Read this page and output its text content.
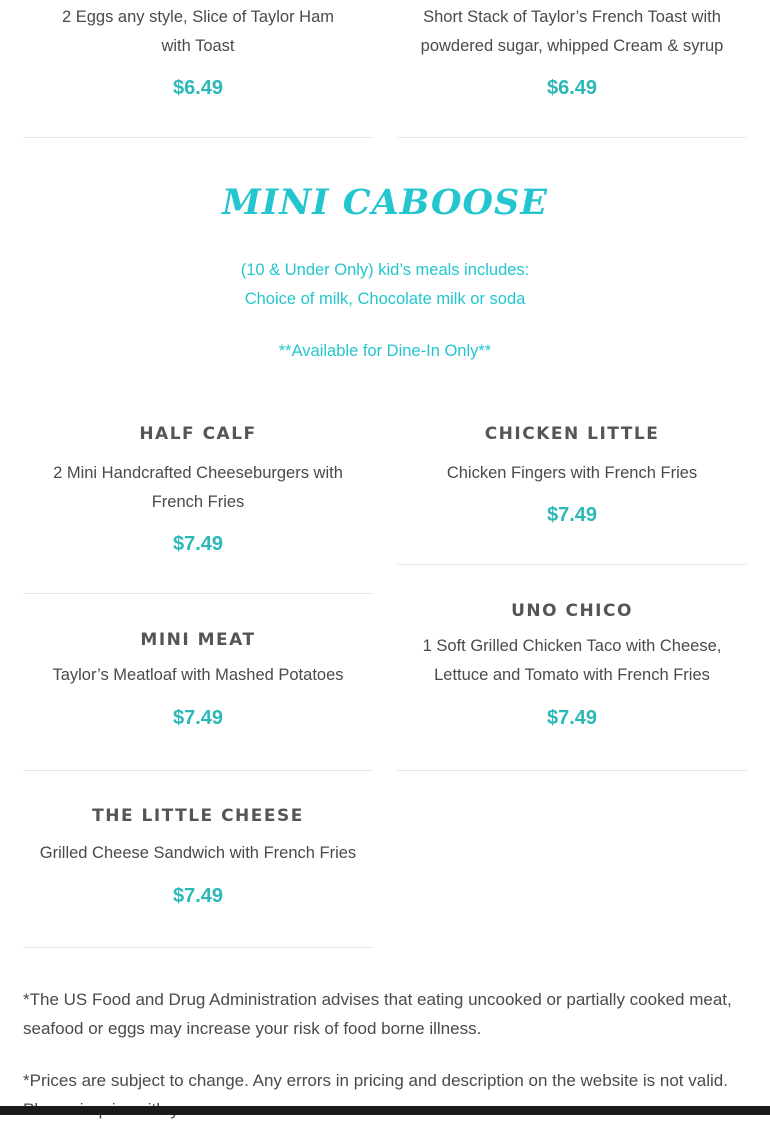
2 Eggs any style, Slice of Taylor Ham with Toast

$6.49

Short Stack of Taylor’s French Toast with powdered sugar, whipped Cream & syrup

$6.49

MINI CABOOSE
(10 & Under Only) kid’s meals includes:
Choice of milk, Chocolate milk or soda
**Available for Dine-In Only**

HALF CALF

2 Mini Handcrafted Cheeseburgers with French Fries

$7.49

CHICKEN LITTLE

Chicken Fingers with French Fries

$7.49

MINI MEAT

Taylor’s Meatloaf with Mashed Potatoes

$7.49

UNO CHICO

1 Soft Grilled Chicken Taco with Cheese, Lettuce and Tomato with French Fries

$7.49

THE LITTLE CHEESE

Grilled Cheese Sandwich with French Fries

$7.49

*The US Food and Drug Administration advises that eating uncooked or partially cooked meat, seafood or eggs may increase your risk of food borne illness.
*Prices are subject to change. Any errors in pricing and description on the website is not valid.
